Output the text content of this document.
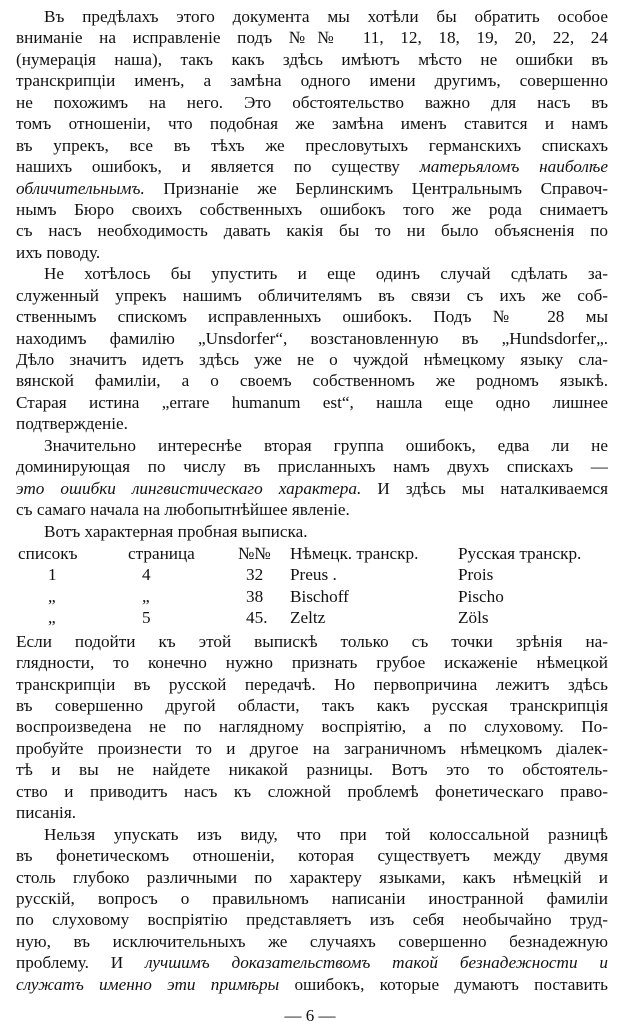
Въ предѣлахъ этого документа мы хотѣли бы обратить особое
вниманіе на исправленіе подъ №№ 11, 12, 18, 19, 20, 22, 24
(нумерація наша), такъ какъ здѣсь имѣютъ мѣсто не ошибки въ
транскрипціи именъ, а замѣна одного имени другимъ, совершенно
не похожимъ на него. Это обстоятельство важно для насъ въ
томъ отношеніи, что подобная же замѣна именъ ставится и намъ
въ упрекъ, все въ тѣхъ же пресловутыхъ германскихъ спискахъ
нашихъ ошибокъ, и является по существу матерьяломъ наиболѣе
обличительнымъ. Признаніе же Берлинскимъ Центральнымъ Справоч-
нымъ Бюро своихъ собственныхъ ошибокъ того же рода снимаетъ
съ насъ необходимость давать какія бы то ни было объясненія по
ихъ поводу.
Не хотѣлось бы упустить и еще одинъ случай сдѣлать за-
служенный упрекъ нашимъ обличителямъ въ связи съ ихъ же соб-
ственнымъ спискомъ исправленныхъ ошибокъ. Подъ № 28 мы
находимъ фамилію „Unsdorfer“, возстановленную въ „Hundsdorfer„.
Дѣло значитъ идетъ здѣсь уже не о чуждой нѣмецкому языку сла-
вянской фамиліи, а о своемъ собственномъ же родномъ языкѣ.
Старая истина „errare humanum est“, нашла еще одно лишнее
подтвержденіе.
Значительно интереснѣе вторая группа ошибокъ, едва ли не
доминирующая по числу въ присланныхъ намъ двухъ спискахъ —
это ошибки лингвистическаго характера. И здѣсь мы наталкиваемся
съ самаго начала на любопытнѣйшее явленіе.
Вотъ характерная пробная выписка.
списокъ	страница	№№	Нѣмецк. транскр.	Русская транскр.
1	4	32	Preus .	Prois
„	„	38	Bischoff	Pischo
„	5	45.	Zeltz	Zöls
Если подойти къ этой выпискѣ только съ точки зрѣнія на-
глядности, то конечно нужно признать грубое искаженіе нѣмецкой
транскрипціи въ русской передачѣ. Но первопричина лежитъ здѣсь
въ совершенно другой области, такъ какъ русская транскрипція
воспроизведена не по наглядному воспріятію, а по слуховому. По-
пробуйте произнести то и другое на заграничномъ нѣмецкомъ діалек-
тѣ и вы не найдете никакой разницы. Вотъ это то обстоятель-
ство и приводитъ насъ къ сложной проблемѣ фонетическаго право-
писанія.
Нельзя упускать изъ виду, что при той колоссальной разницѣ
въ фонетическомъ отношеніи, которая существуетъ между двумя
столь глубоко различными по характеру языками, какъ нѣмецкій и
русскій, вопросъ о правильномъ написаніи иностранной фамиліи
по слуховому воспріятію представляетъ изъ себя необычайно труд-
ную, въ исключительныхъ же случаяхъ совершенно безнадежную
проблему. И лучшимъ доказательствомъ такой безнадежности и
служатъ именно эти примѣры ошибокъ, которые думаютъ поставить
— 6 —
